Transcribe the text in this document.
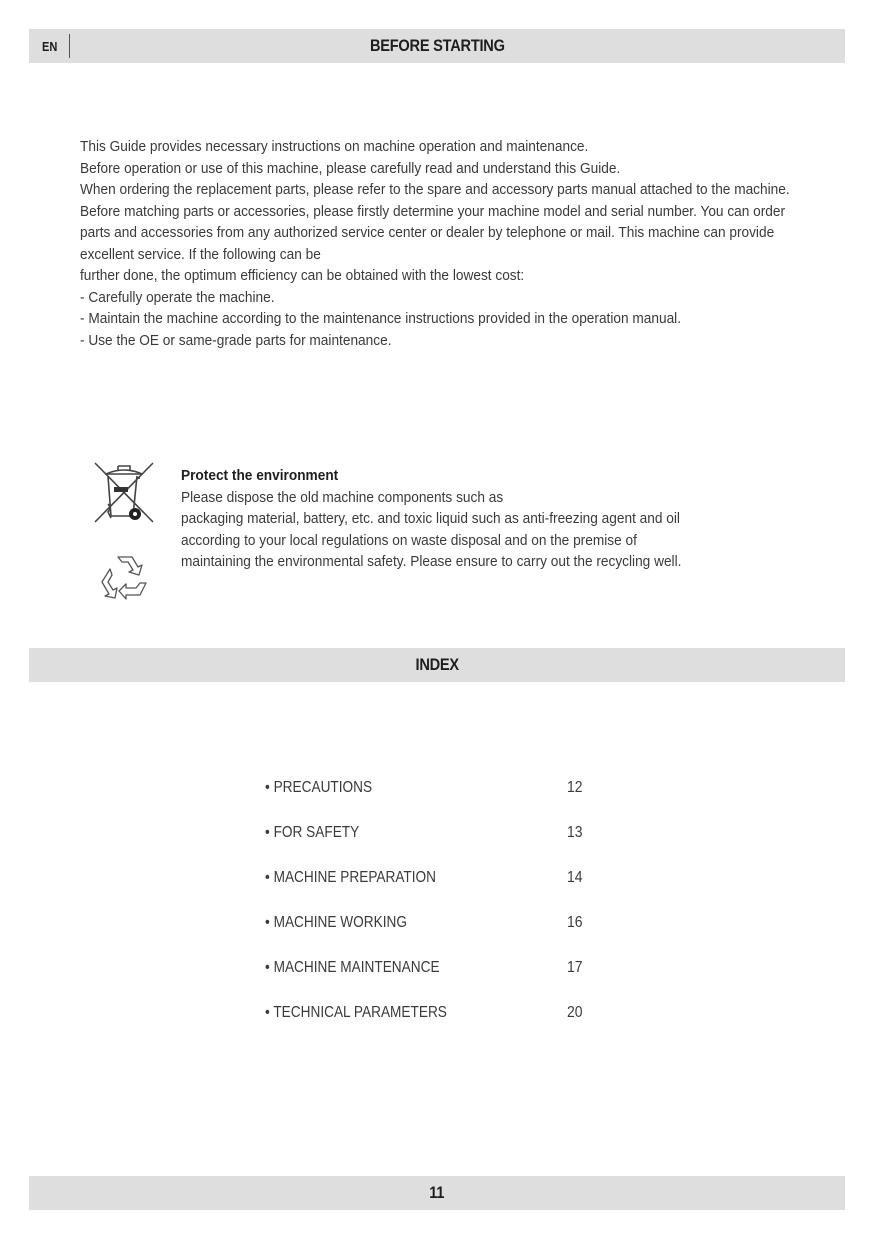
EN	BEFORE STARTING

This Guide provides necessary instructions on machine operation and maintenance.

Before operation or use of this machine, please carefully read and understand this Guide.

When ordering the replacement parts, please refer to the spare and accessory parts manual attached to the machine.

Before matching parts or accessories, please firstly determine your machine model and serial number. You can order parts and accessories from any authorized service center or dealer by telephone or mail. This machine can provide excellent service. If the following can be

further done, the optimum efficiency can be obtained with the lowest cost:

- Carefully operate the machine.

- Maintain the machine according to the maintenance instructions provided in the operation manual.

- Use the OE or same-grade parts for maintenance.

Protect the environment

Please dispose the old machine components such as

packaging material, battery, etc. and toxic liquid such as anti-freezing agent and oil

according to your local regulations on waste disposal and on the premise of

maintaining the environmental safety. Please ensure to carry out the recycling well.

INDEX
• PRECAUTIONS	12
• FOR SAFETY	13
• MACHINE PREPARATION	14
• MACHINE WORKING	16
• MACHINE MAINTENANCE	17
• TECHNICAL PARAMETERS	20
11
